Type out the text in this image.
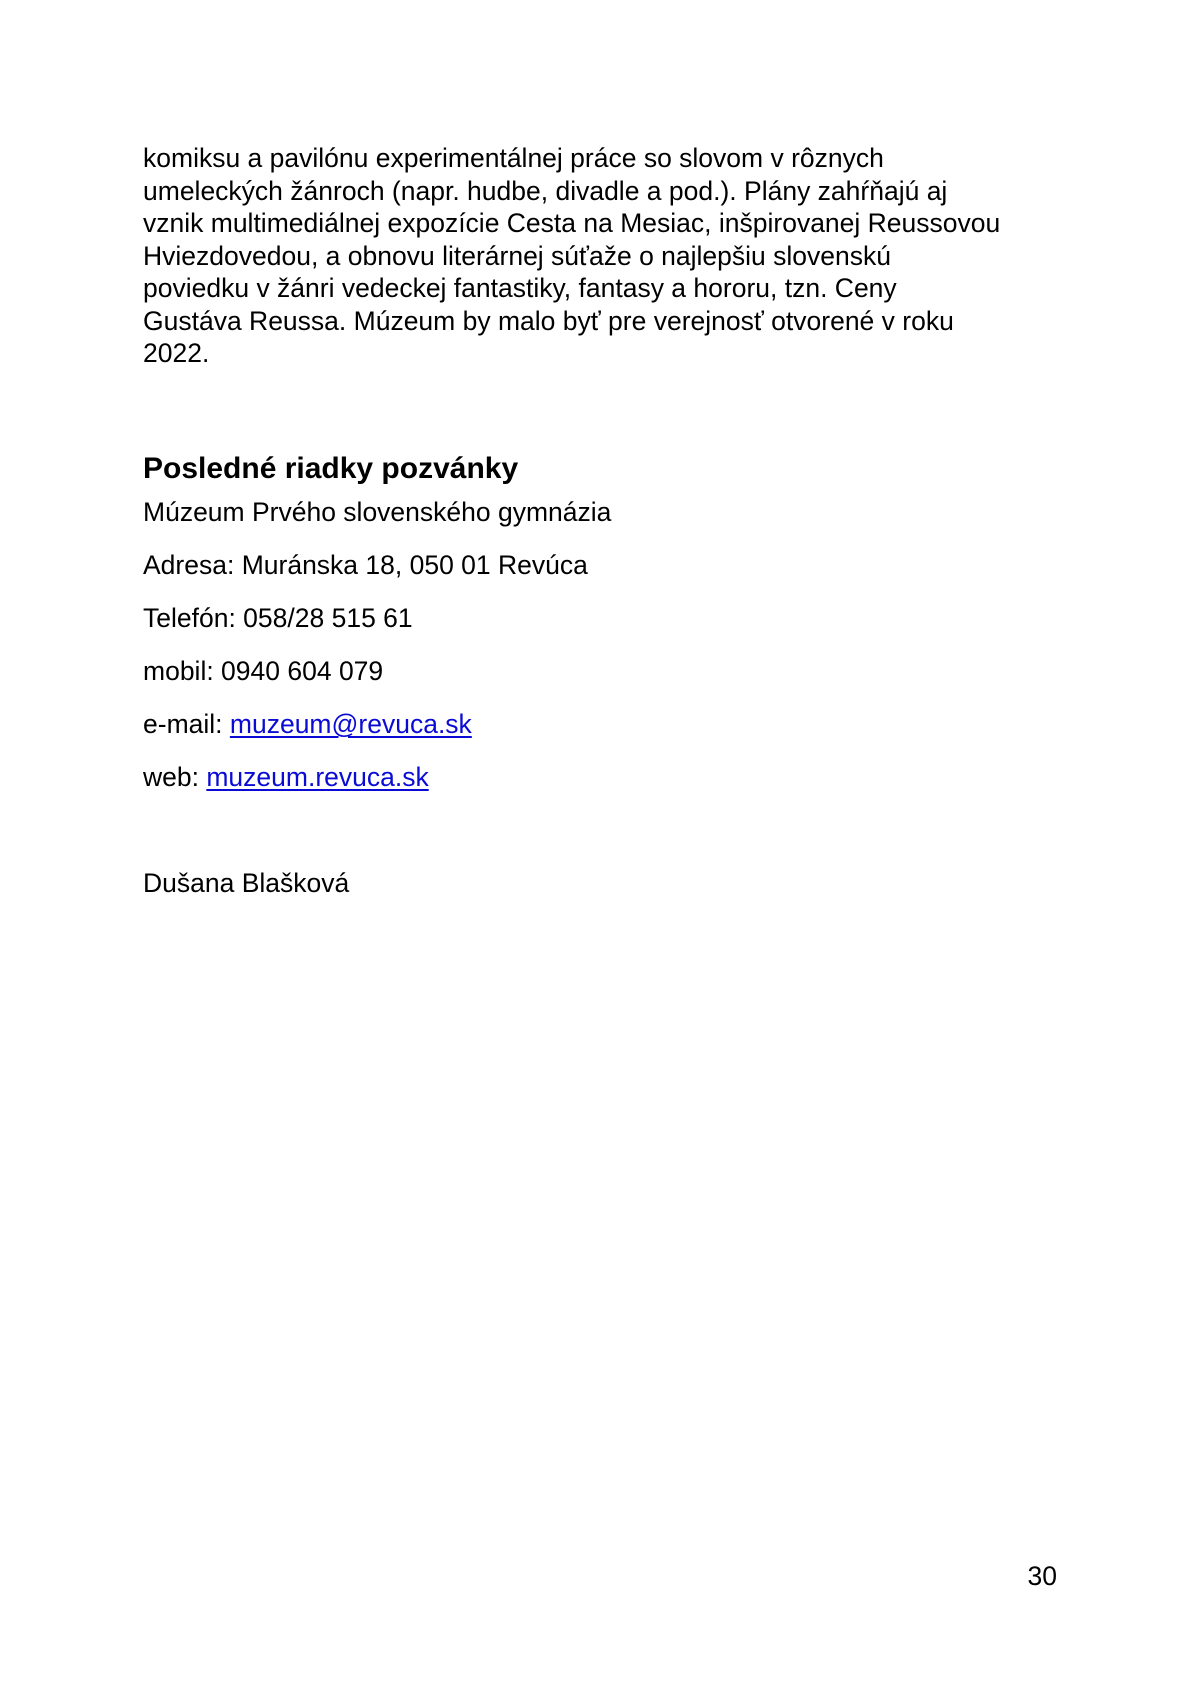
komiksu a pavilónu experimentálnej práce so slovom v rôznych
umeleckých žánroch (napr. hudbe, divadle a pod.). Plány zahŕňajú aj
vznik multimediálnej expozície Cesta na Mesiac, inšpirovanej Reussovou
Hviezdovedou, a obnovu literárnej súťaže o najlepšiu slovenskú
poviedku v žánri vedeckej fantastiky, fantasy a hororu, tzn. Ceny
Gustáva Reussa. Múzeum by malo byť pre verejnosť otvorené v roku
2022.

Posledné riadky pozvánky

Múzeum Prvého slovenského gymnázia

Adresa: Muránska 18, 050 01 Revúca

Telefón: 058/28 515 61

mobil: 0940 604 079

e-mail: muzeum@revuca.sk

web: muzeum.revuca.sk

Dušana Blašková

30
